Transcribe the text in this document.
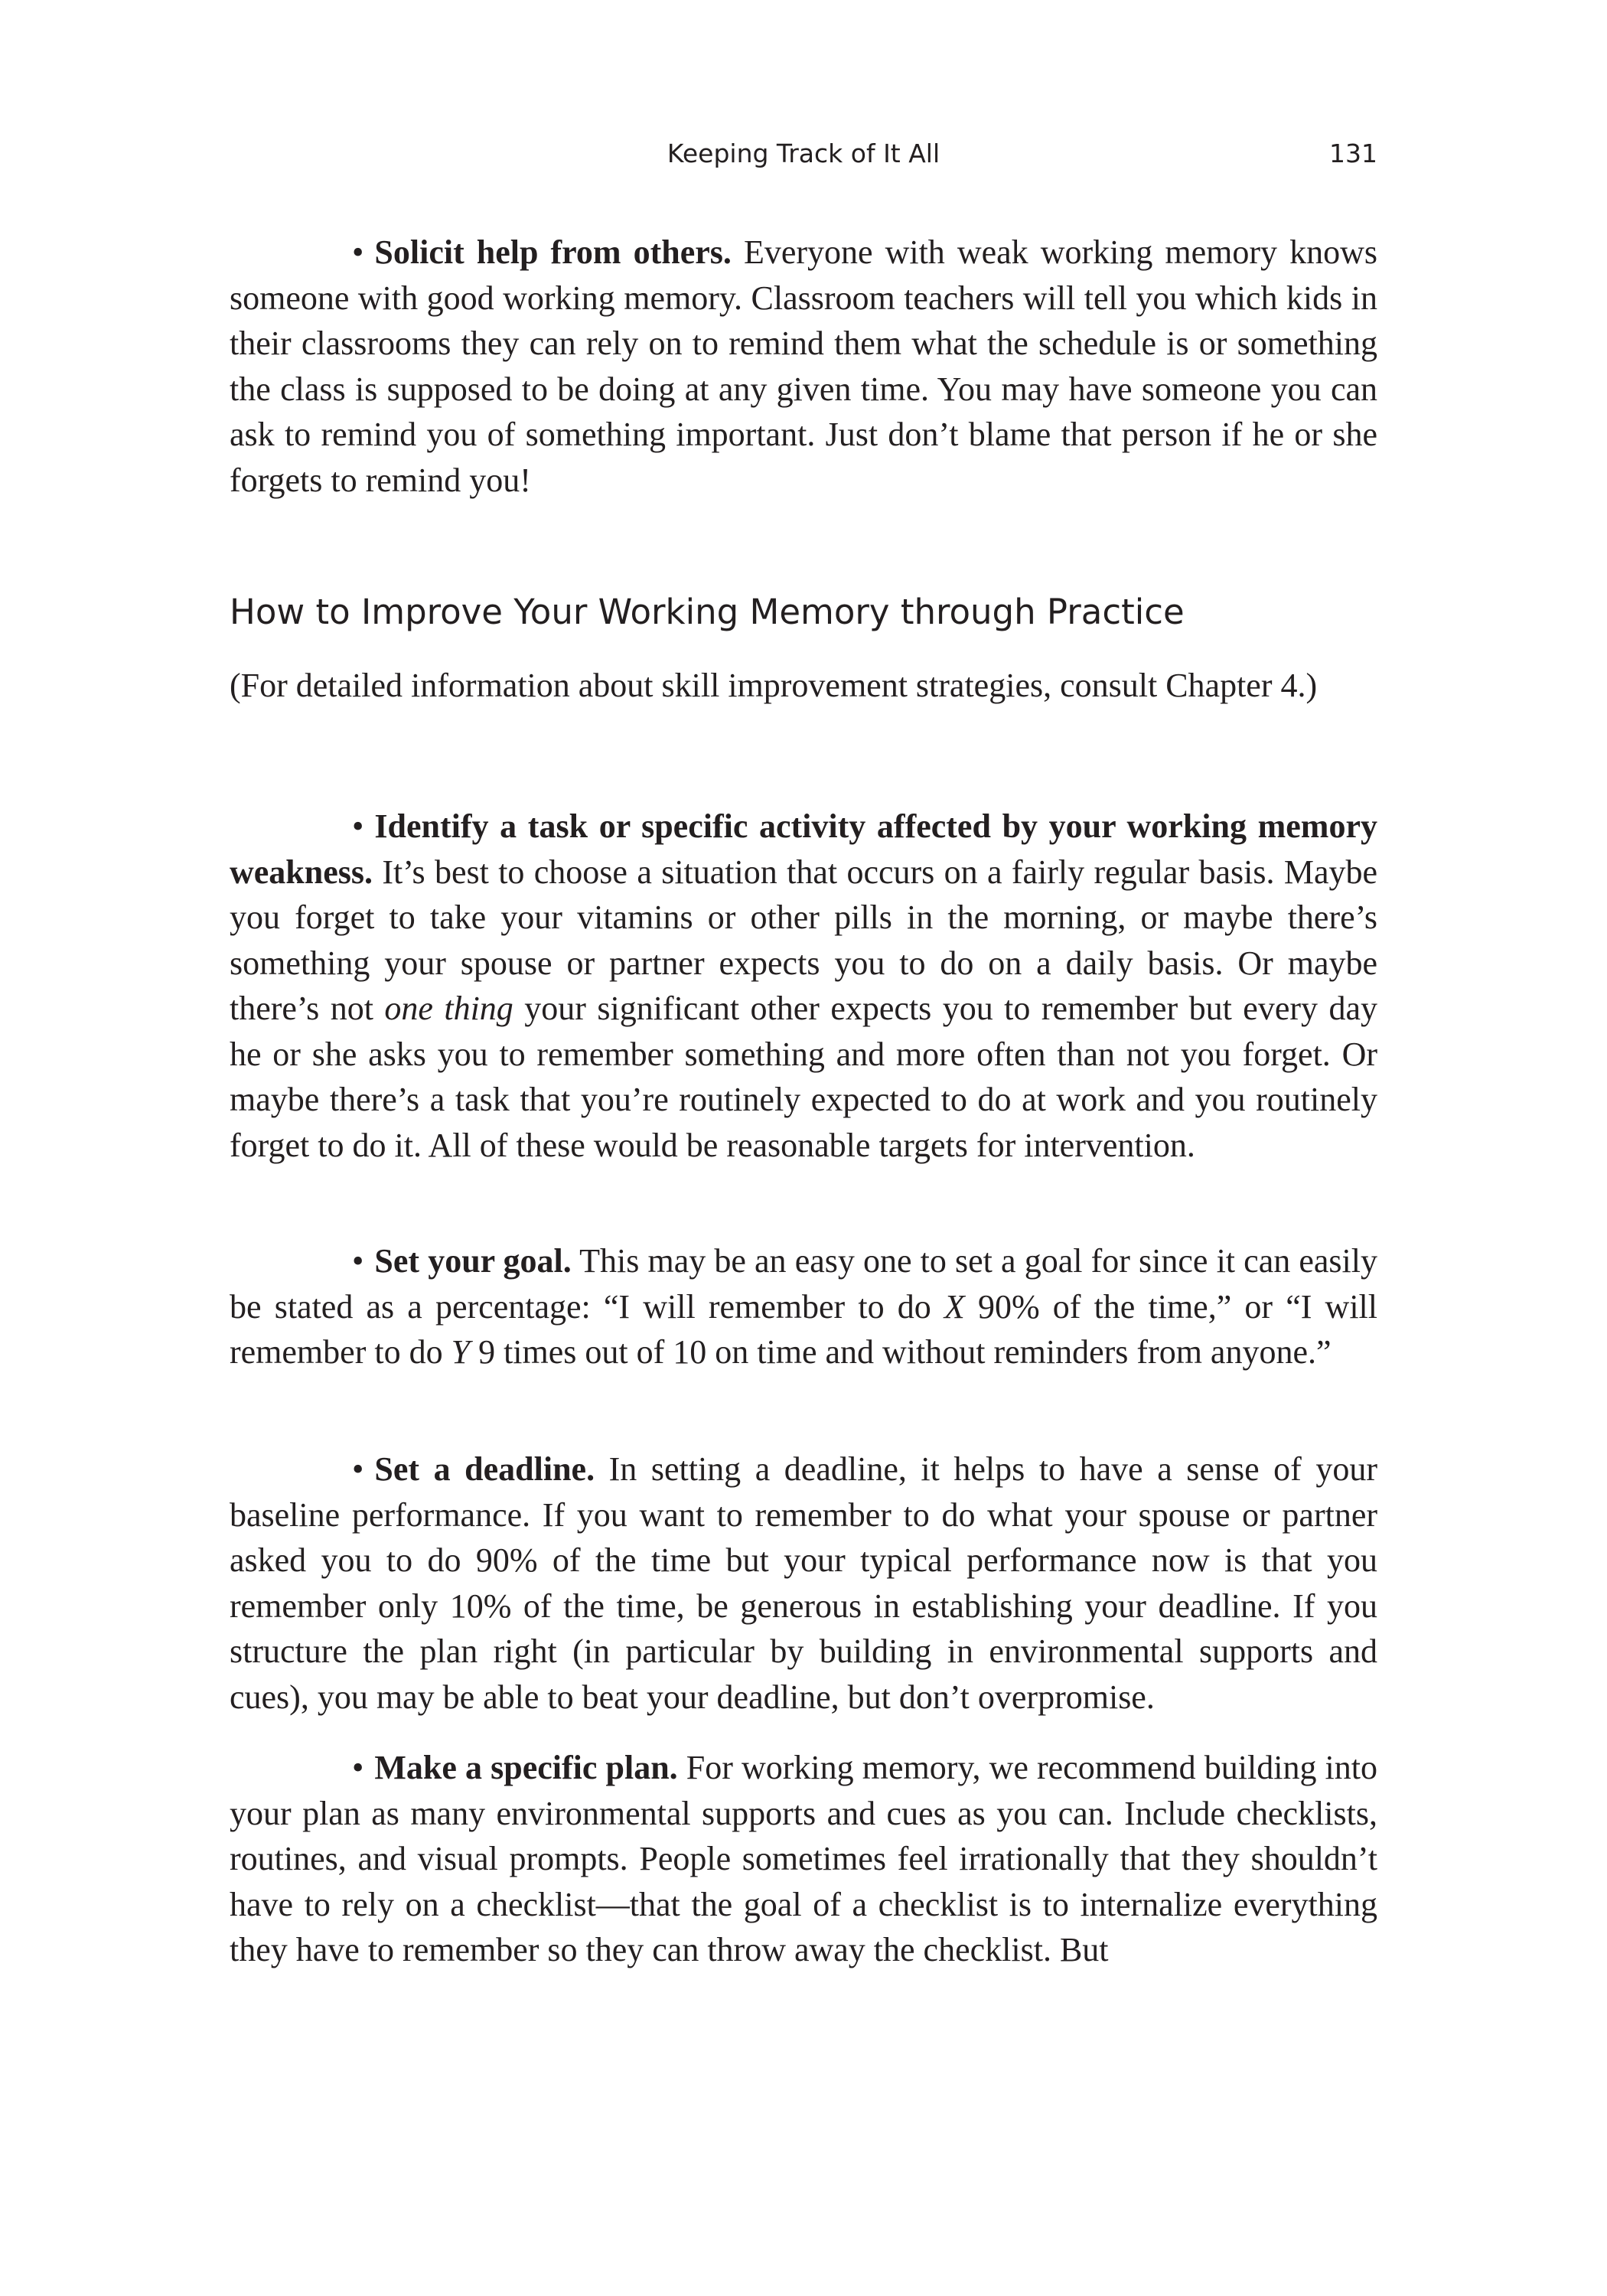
Keeping Track of It All	131

• Solicit help from others. Everyone with weak working memory knows someone with good working memory. Classroom teachers will tell you which kids in their classrooms they can rely on to remind them what the schedule is or something the class is supposed to be doing at any given time. You may have someone you can ask to remind you of something important. Just don’t blame that person if he or she forgets to remind you!

How to Improve Your Working Memory through Practice

(For detailed information about skill improvement strategies, consult Chapter 4.)

• Identify a task or specific activity affected by your working memory weakness. It’s best to choose a situation that occurs on a fairly regular basis. Maybe you forget to take your vitamins or other pills in the morning, or maybe there’s something your spouse or partner expects you to do on a daily basis. Or maybe there’s not one thing your significant other expects you to remember but every day he or she asks you to remember something and more often than not you forget. Or maybe there’s a task that you’re routinely expected to do at work and you routinely forget to do it. All of these would be reasonable targets for intervention.

• Set your goal. This may be an easy one to set a goal for since it can easily be stated as a percentage: “I will remember to do X 90% of the time,” or “I will remember to do Y 9 times out of 10 on time and without reminders from anyone.”

• Set a deadline. In setting a deadline, it helps to have a sense of your baseline performance. If you want to remember to do what your spouse or partner asked you to do 90% of the time but your typical performance now is that you remember only 10% of the time, be generous in establishing your deadline. If you structure the plan right (in particular by building in environmental supports and cues), you may be able to beat your deadline, but don’t overpromise.

• Make a specific plan. For working memory, we recommend building into your plan as many environmental supports and cues as you can. Include checklists, routines, and visual prompts. People sometimes feel irrationally that they shouldn’t have to rely on a checklist—that the goal of a checklist is to internalize everything they have to remember so they can throw away the checklist. But
